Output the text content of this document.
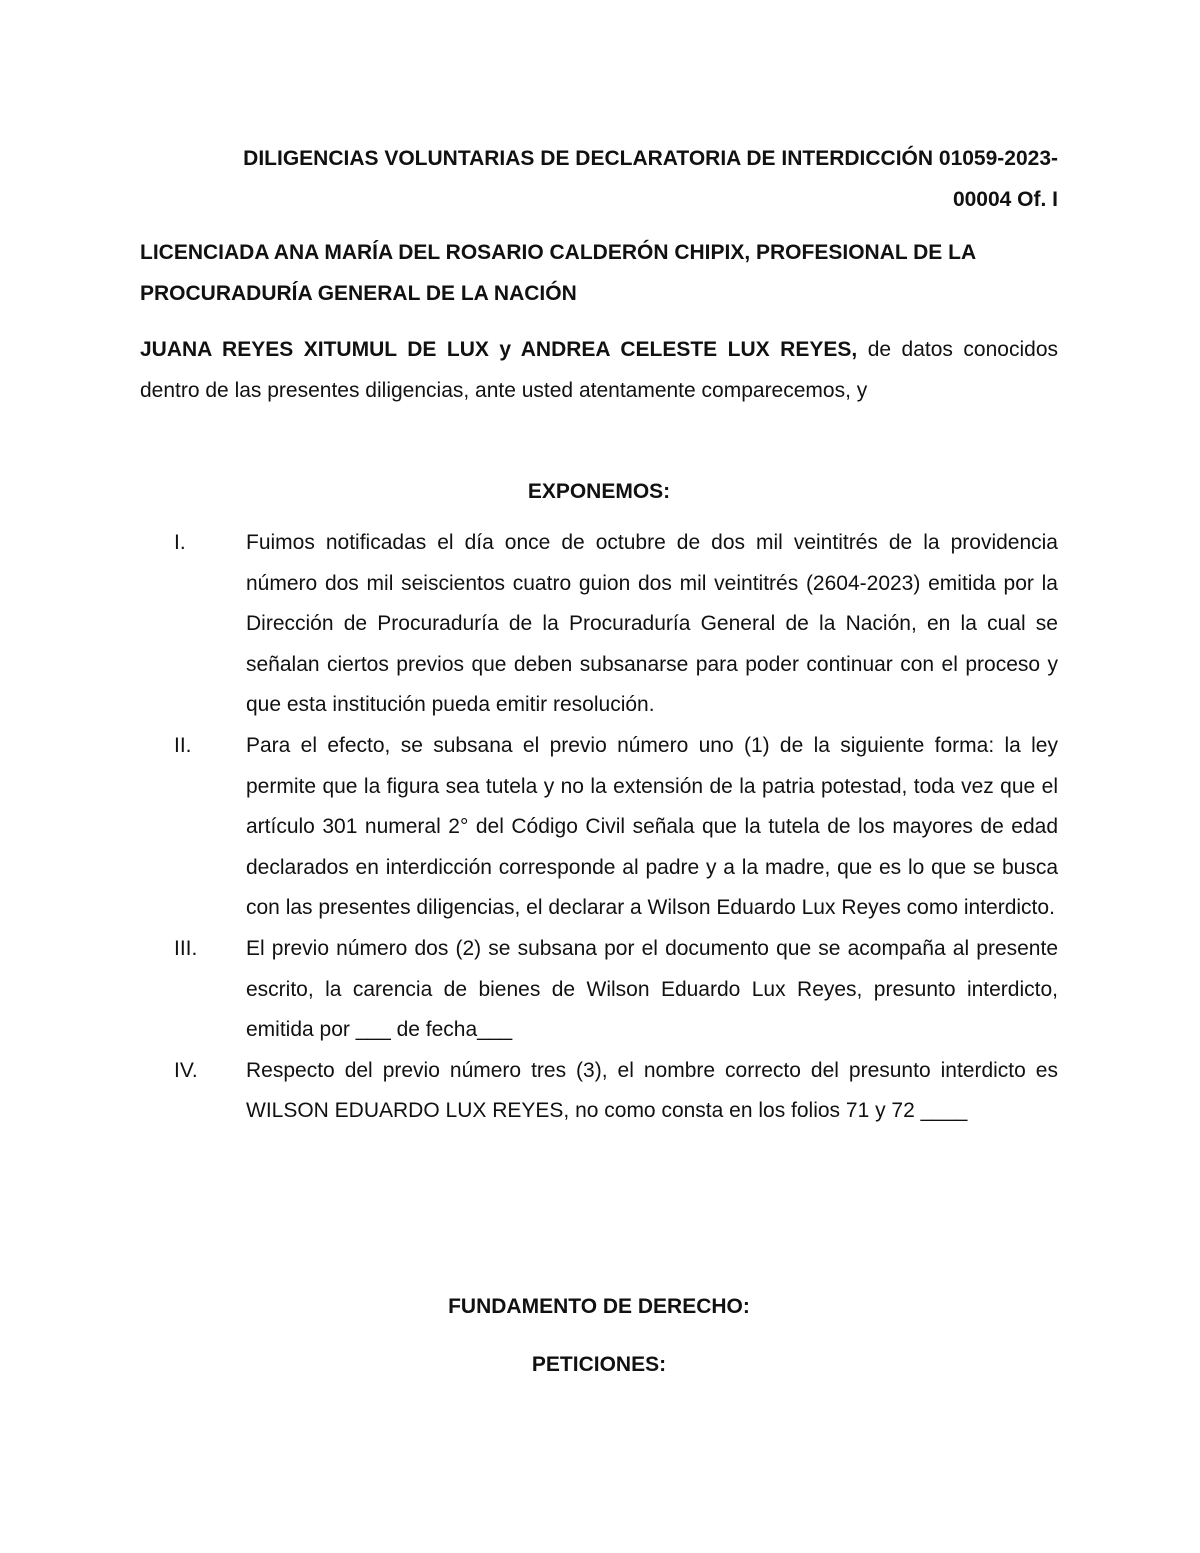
DILIGENCIAS VOLUNTARIAS DE DECLARATORIA DE INTERDICCIÓN 01059-2023-
00004 Of. I
LICENCIADA ANA MARÍA DEL ROSARIO CALDERÓN CHIPIX, PROFESIONAL DE LA PROCURADURÍA GENERAL DE LA NACIÓN
JUANA REYES XITUMUL DE LUX y ANDREA CELESTE LUX REYES, de datos conocidos dentro de las presentes diligencias, ante usted atentamente comparecemos, y
EXPONEMOS:
I.	Fuimos notificadas el día once de octubre de dos mil veintitrés de la providencia número dos mil seiscientos cuatro guion dos mil veintitrés (2604-2023) emitida por la Dirección de Procuraduría de la Procuraduría General de la Nación, en la cual se señalan ciertos previos que deben subsanarse para poder continuar con el proceso y que esta institución pueda emitir resolución.
II.	Para el efecto, se subsana el previo número uno (1) de la siguiente forma: la ley permite que la figura sea tutela y no la extensión de la patria potestad, toda vez que el artículo 301 numeral 2° del Código Civil señala que la tutela de los mayores de edad declarados en interdicción corresponde al padre y a la madre, que es lo que se busca con las presentes diligencias, el declarar a Wilson Eduardo Lux Reyes como interdicto.
III. El previo número dos (2) se subsana por el documento que se acompaña al presente escrito, la carencia de bienes de Wilson Eduardo Lux Reyes, presunto interdicto, emitida por ___ de fecha___
IV. Respecto del previo número tres (3), el nombre correcto del presunto interdicto es WILSON EDUARDO LUX REYES, no como consta en los folios 71 y 72 ____
FUNDAMENTO DE DERECHO:
PETICIONES:
